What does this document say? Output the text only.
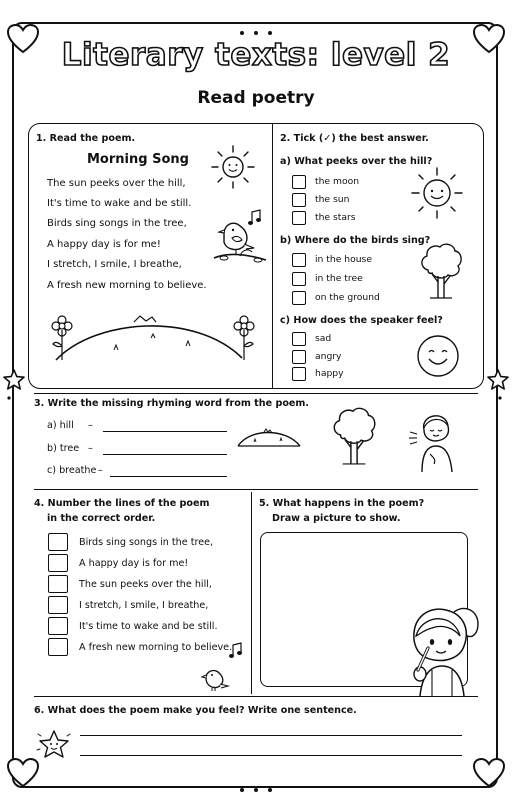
Literary texts: level 2
Read poetry
1. Read the poem.
Morning Song
The sun peeks over the hill,
It's time to wake and be still.
Birds sing songs in the tree,
A happy day is for me!
I stretch, I smile, I breathe,
A fresh new morning to believe.
2. Tick (✓) the best answer.
a) What peeks over the hill?
the moon
the sun
the stars
b) Where do the birds sing?
in the house
in the tree
on the ground
c) How does the speaker feel?
sad
angry
happy
3. Write the missing rhyming word from the poem.
a) hill –
b) tree –
c) breathe –
4. Number the lines of the poem
in the correct order.
Birds sing songs in the tree,
A happy day is for me!
The sun peeks over the hill,
I stretch, I smile, I breathe,
It's time to wake and be still.
A fresh new morning to believe.
5. What happens in the poem?
Draw a picture to show.
6. What does the poem make you feel? Write one sentence.
